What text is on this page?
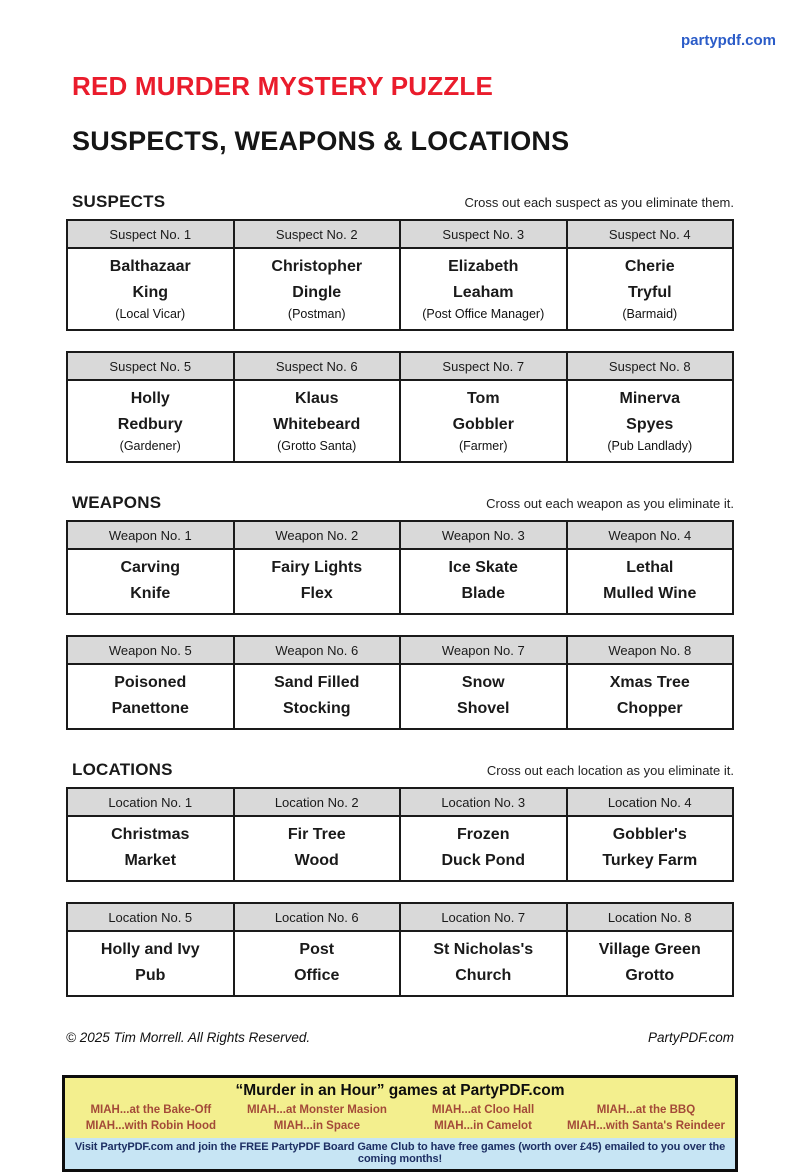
partypdf.com
RED MURDER MYSTERY PUZZLE
SUSPECTS, WEAPONS & LOCATIONS
SUSPECTS	Cross out each suspect as you eliminate them.
Suspect No. 1	Suspect No. 2	Suspect No. 3	Suspect No. 4

Balthazaar
King
(Local Vicar)

Christopher
Dingle
(Postman)

Elizabeth
Leaham
(Post Office Manager)

Cherie
Tryful
(Barmaid)
Suspect No. 5	Suspect No. 6	Suspect No. 7	Suspect No. 8

Holly
Redbury
(Gardener)

Klaus
Whitebeard
(Grotto Santa)

Tom
Gobbler
(Farmer)

Minerva
Spyes
(Pub Landlady)
WEAPONS	Cross out each weapon as you eliminate it.
Weapon No. 1	Weapon No. 2	Weapon No. 3	Weapon No. 4

Carving
Knife

Fairy Lights
Flex

Ice Skate
Blade

Lethal
Mulled Wine
Weapon No. 5	Weapon No. 6	Weapon No. 7	Weapon No. 8

Poisoned
Panettone

Sand Filled
Stocking

Snow
Shovel

Xmas Tree
Chopper
LOCATIONS	Cross out each location as you eliminate it.
Location No. 1	Location No. 2	Location No. 3	Location No. 4

Christmas
Market

Fir Tree
Wood

Frozen
Duck Pond

Gobbler's
Turkey Farm
Location No. 5	Location No. 6	Location No. 7	Location No. 8

Holly and Ivy
Pub

Post
Office

St Nicholas's
Church

Village Green
Grotto
© 2025 Tim Morrell. All Rights Reserved.	PartyPDF.com
“Murder in an Hour” games at PartyPDF.com
MIAH...at the Bake-Off	MIAH...at Monster Masion	MIAH...at Cloo Hall	MIAH...at the BBQ
MIAH...with Robin Hood	MIAH...in Space	MIAH...in Camelot	MIAH...with Santa's Reindeer
Visit PartyPDF.com and join the FREE PartyPDF Board Game Club to have free games (worth over £45) emailed to you over the coming months!
